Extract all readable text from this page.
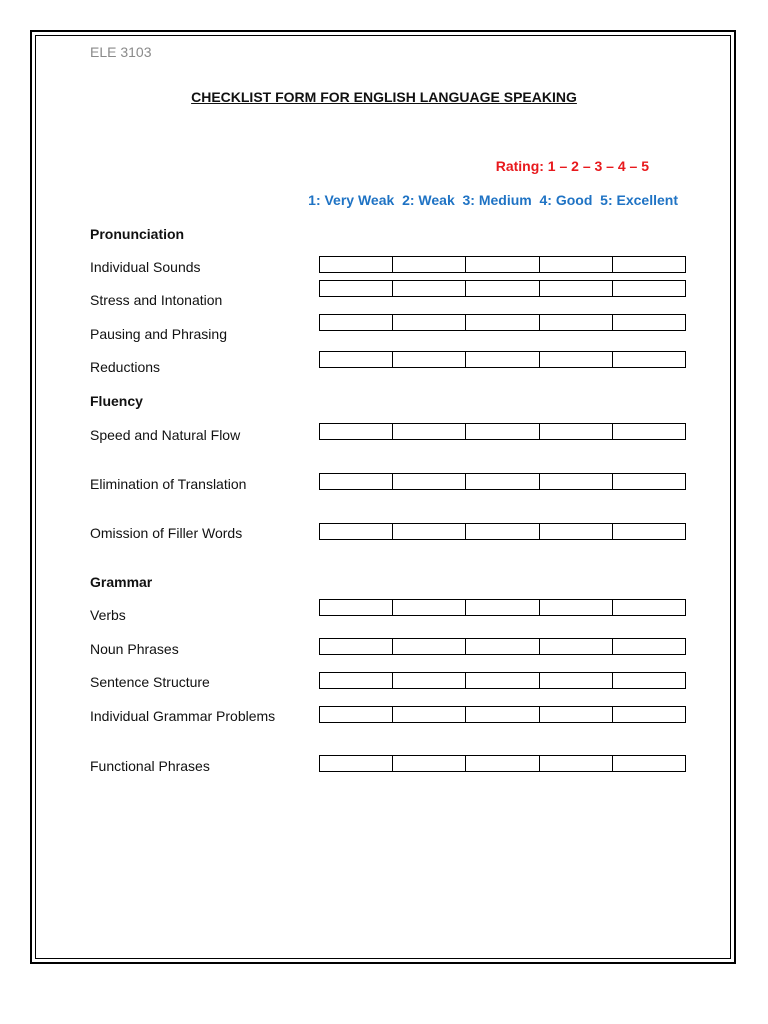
ELE 3103
CHECKLIST FORM FOR ENGLISH LANGUAGE SPEAKING
Rating: 1 – 2 – 3 – 4 – 5
1: Very Weak  2: Weak  3: Medium  4: Good  5: Excellent
Pronunciation
Individual Sounds
Stress and Intonation
Pausing and Phrasing
Reductions
Fluency
Speed and Natural Flow
Elimination of Translation
Omission of Filler Words
Grammar
Verbs
Noun Phrases
Sentence Structure
Individual Grammar Problems
Functional Phrases
